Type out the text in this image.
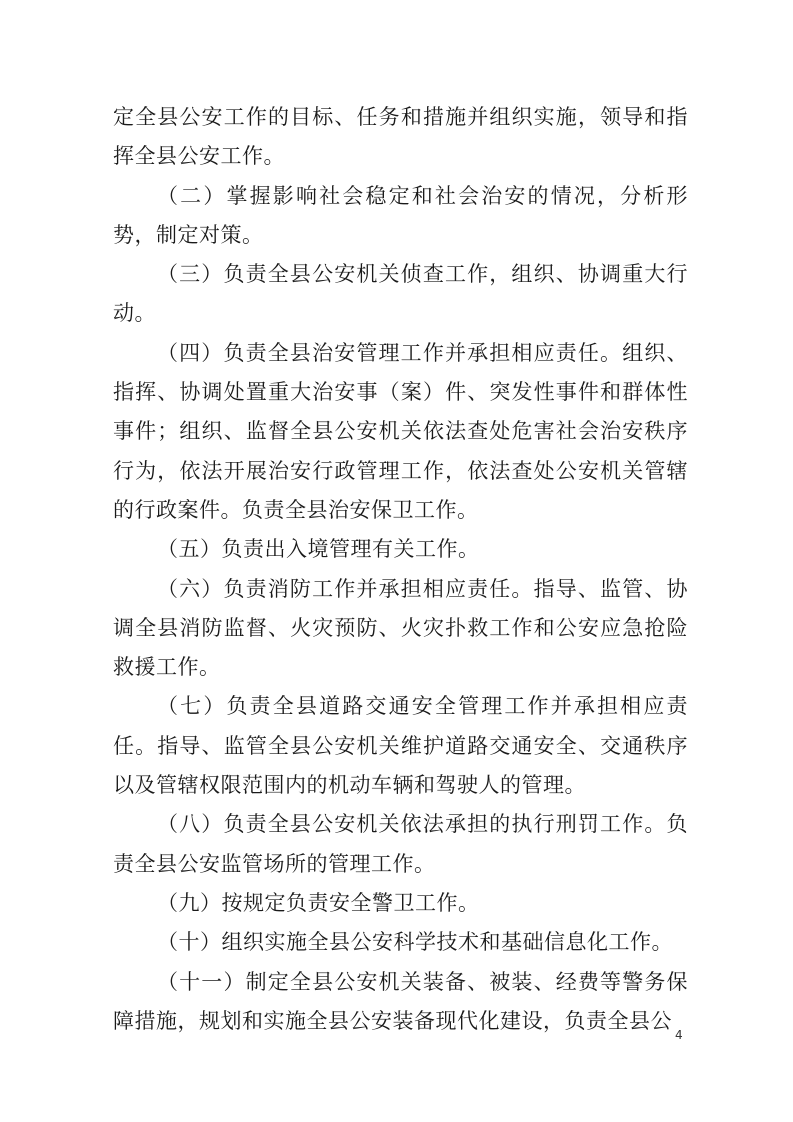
定全县公安工作的目标、任务和措施并组织实施，领导和指挥全县公安工作。

（二）掌握影响社会稳定和社会治安的情况，分析形势，制定对策。

（三）负责全县公安机关侦查工作，组织、协调重大行动。

（四）负责全县治安管理工作并承担相应责任。组织、指挥、协调处置重大治安事（案）件、突发性事件和群体性事件；组织、监督全县公安机关依法查处危害社会治安秩序行为，依法开展治安行政管理工作，依法查处公安机关管辖的行政案件。负责全县治安保卫工作。

（五）负责出入境管理有关工作。

（六）负责消防工作并承担相应责任。指导、监管、协调全县消防监督、火灾预防、火灾扑救工作和公安应急抢险救援工作。

（七）负责全县道路交通安全管理工作并承担相应责任。指导、监管全县公安机关维护道路交通安全、交通秩序以及管辖权限范围内的机动车辆和驾驶人的管理。

（八）负责全县公安机关依法承担的执行刑罚工作。负责全县公安监管场所的管理工作。

（九）按规定负责安全警卫工作。

（十）组织实施全县公安科学技术和基础信息化工作。

（十一）制定全县公安机关装备、被装、经费等警务保障措施，规划和实施全县公安装备现代化建设，负责全县公

4
